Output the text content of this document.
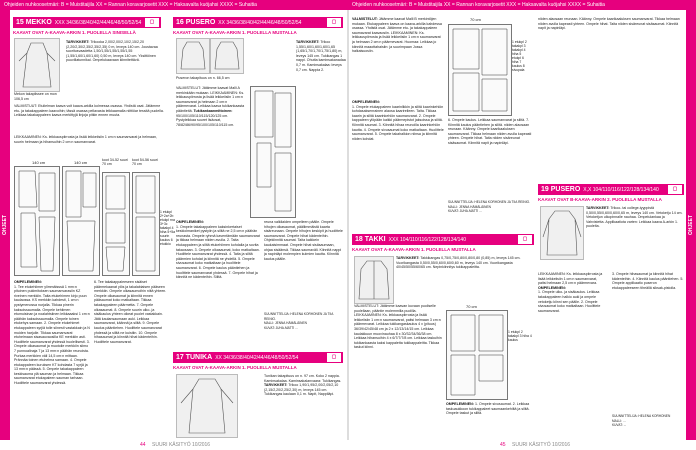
Ohjeiden nuhkoosetmäri: B = Muistitaijila XX = Rannan koravarjosetit XXX = Haksavalta kuöjahsi XXXX = Suhaitia	Ohjeiden nuhkoosetmäri: B = Muistitaijila XX = Rannan koravarjosetit XXX = Haksavalta kuöjahsi XXXX = Suhaitia
OHJEET	OHJEET
15 MEKKO XXX 34/36/38/40/42/44/46/48/50/52/54	▢
KAAVAT OVAT A-KAAVA-ARKIN 1. PUOLELLA SINISELLÄ
Mekon takaplissee on mon 106,5 cm
TARVIKKEET: Trikooka 2,00/2,00/2,10/2,15/2,20 (2,20/2,30/2,35/2,35/2,35) 0 m, leveys 140 cm. Joustavaa suoritusvaadetta 1,50/1,55/1,55/1,55/1,55 (1,55/1,60/1,60/1,60) 0,50 m, leveys 140 cm. Yksittöinen puuvillatunnikai. Ompelukaavaan kiinnitettävä.
VALMISTUUT: Etulielman kaava voit kaava-arkilla kolmessa osassa. Yhdistä osat. Jätämme etu- ja takakappaleen kaavoihin; tässä osassa pellavasta leikkaamalla niittiöar tessitä puolella. Leikkaa takakappaleen kaava merkittyjä linjoja pitkin ennen muuta.
LEIKKAAMINEN: Ks. leikkauspiirrosta ja lisää leikkeiisiin 1 cm:n saumanvarat ja helmaan, suurin helmaan ja hihansuihin 2 cm:n saumanvarat.
140 cm	140 cm	koot 34-52 suuri 70 cm
koot 54-56 suuri 70 cm
1 etukpl 2+2a+2b etukpl rna 3+3c takakpl 4 hiha 5+5a suurin kaulus 6 etukkio
OMPELEMINEN:
1. Tee etukehiimer ylimmäisssä 1 mm:n pituinen pukimitoksen saumanvarasiin KZ riveinen merkkiin. Taita etukehimen kirjo puun kaulaossa. KS merkkiin kahdesti, 1 cm:n pystymenossa nurjalla. Tikkaa pinerin kaksoissaumalla. Ompele kehiimen etumuisinan ja noalahtsiinen leikkaaaksi 1 cm:n päähän kaksoissaumalla. Ompele toinen etukehys samaan. 2. Ompele etukehimet etukappaleen syrjiä tolle siinesti vastakkain ja N muiden harjulle. Tikkaa saumanvarat etuhelmaan sisasauvaosilla KE merkkiin asti. Huolittele saumanvarat yhdessä huolellisesti. 3. Ompele olkasaumat ja muotoile merkkiin siimo 7 punnoalinaja 7 ja 13 mm:n päähän reunoista. Purkaa merkkien väli 14,5 cm:n mittaan. Prännäa toinen etuhelma samaan. 4. Ompele etukappaleen kuruksen KT kohdasta 7 syrjä ja 13 mm:n päässä. 5. Ompele takakappaleen keskisauma ylä sauman ja helmaan. Tikkaa saumanvarat etukapaleen sauman tarhaan. Huolittele saumanvarat yhdessä.
6. Tee takakappaleeseen sisäiset päärmekaanat ylös ja takalabiaisen pääseen merkkiin. Ompele olkasaumoihin niitä yhteen. Ompele olkasaumat ja kiinnitä ennen pääsaumat koko matkaltaan. Tikkaa takakappaleen päärmetta. 7. Ompele olkasaumat. 8. Ompele suurin ulko- ja sisäkaulus yhteen oikeat puolet vastakkain. Jätä kaulansaumaan auki. Leikkaa saumanvarat, käännä ja silitä. 9. Ompele kaulus pääntiehen. Huolittele saumanvarat yhdessä ja silitä ne kuistiin. 10. Ompele hihasaumat ja kiinnitä hihat kädenteihin. Huolittele saumanvarat.
16 PUSERO XX 34/36/38/40/42/44/46/48/50/52/54	▢
KAAVAT OVAT A-KAAVA-ARKIN 1. PUOLELLA MUSTALLA
Puseron takapituus on n. 66,5 cm
VALMISTELUT: Jätämme kaavat Malli A merkinkään mukaan. LEIKKAAMINEN: Ks. leikkauspiirrosta ja lisää leikkeiisiin 1 cm:n saumanvarat ja helmaan 2 cm:n päärmevarat. Leikkaa kaava tukikankaasta pääntieitä. Tukikankaanmittoinen: 95/100/105/110/115/120/125 cm. Pystyleikkaa suuret lisäosat, 78/82/86/90/95/100/105/110/115 cm.
TARVIKKEET: Trikoo 1,55/1,60/1,60/1,60/1,65 (1,65/1,70/1,70/1,75/1,80) m, leveys 145 cm. Tukikangas 1 nappi. Ohutta kaminsakanadaa 0,7 m. Kaminsakalaa: leveys 0,7 cm. Nappia 2.
OMPELEMINEN:
1. Ompele takakappaleen kaksinkertaiset keskiolmaniket pystyiin ja silitä ne 2,5 cm:n päähän reunasta. Ompele ryhmä kaventämään saumanvarat ja tikkaa helmaan niiden avulla. 2. Taita etukappaleen ja silitä etukehiimen kohdalla ja sovita takaosaan. 3. Ompele olkasaumat, koko matkaltaan. Huolittele saumanvarat yhdessä. 4. Taita ja silitä päärmien kohdat ja kiinnitä ne yhdellä. 5. Ompele sivusaumat koko matkaltaan ja huolittele saumanvarat. 6. Ompele kaulus pääntiehen ja huolittele saumanvarat yhdessä. 7. Ompele hihat ja kiinnitä ne kädenteihin. Silitä.
reuna valkilaiden ompelleen päälle. Ompele hihojen olkasaumat, päällimmäistä kaarta sisäreunaan. Ompele hihojen keskipit ja huolittele saumanvarat. Ompele hihat kädenteihin. Ohjekiinnitä saumat. Taita kaikkein kaukaisimmaat. Ompele hihat sisäsaumaan, ohjaa sisäänsä. Tikkaa saumaväli. Kiinnitä nappi ja napinläpi molempien kulmien kautta. Kiinnitä kaulus päälle.
SUUNNITTELIJA: HELENA KORHONEN JA TIIA REINIO.
MALLI: JENNA HÄMÄLÄINEN
KUVAT: JUHA-MATTI ...
17 TUNIKA XX 34/36/38/40/42/44/46/48/50/52/54	▢
KAAVAT OVAT A-KAAVA-ARKIN 1. PUOLELLA MUSTALLA
Tunikan takapituus on n. 97 cm. Koko 2 nappia. Kaminsakalaa. Kaminsakalanvaara: Tukikangas. TARVIKKEET: Trikoo 1,90/1,95/2,00/2,05/2,10 (2,15/2,20/2,25/2,30) m, leveys 145 cm. Tukikangas kaulaan 0,1 m. Napit, Nappiläpi.
VALMISTELUT: Jätämme kaavat Malli B merkintöjen mukaan. Etukappaleen kaava on kaava-arkilla kahdessa osassa. Yhdistä osat. Jätämme etu- ja takakappaleen saumavarat kaavaosiin. LEIKKAAMINEN: Ks. leikkauspiirrosta ja lisää leikkeiisiin 1 cm:n saumanvarat ja helmaan 2 cm:n päärmevarat. Huomaa: Leikkaa jo kiinnitä maaottahaisiin: ja suurimpaan Jossa halkaisuosiin.
70 cm
1 etukpl 2 takakpl 3 takakpl 4 hiha 5 etukpl 6 hiha 7 kaulus 8 sivupala
OMPELEMINEN:
1. Ompele etukappaleen kaarinlikkin ja silitä kaarinkehiön kohdasaksenrainen alaosa kaarirelleen. Taita. Tikkaa kaarin ja silitä kaarinkehiön saumanvarat. 2. Ompele kappaleen ylöpään kaikki päärmepistot jaksoissa ja silitä. Kiinnitä saumat. 3. Kiinnitä hihaa reunoilla kaarinkehiön kautta. 4. Ompele sivusaumat koko matkaltaan. Huolittele saumanvarat. 5. Ompele takahalkion niinsa ja kiinnitä niiden kohdat.
6. Ompele kaulus. Leikkaa saumanvarat ja silitä. 7. Kiinnitä kaulus pääntiehen ja silitä. niiden alaosaan reunaan. Käänny. Ompele kaarikaaluksen saumanvarat. Tikkaa helmaan niiden avulla kapeasti yhteen. Ompele hihat. Taita niiden sisäreunat sisäsaumat. Kiinnitä napit ja napinläpi.
SUUNNITTELIJA: HELENA KORHONEN JA TIIA REINIO.
MALLI: JENNA HÄMÄLÄINEN
KUVAT: JUHA-MATTI ...
18 TAKKI XXX 104/110/116/122/128/134/140	▢
KAAVAT OVAT A-KAAVA-ARKIN 1. PUOLELLA MUSTALLA
TARVIKKEET: Takkikangas 0,75/0,75/0,80/0,80/0,80 (0,85) m, leveys 145 cm. Vuorikangasta 0,50/0,55/0,60/0,60/0,60 m, leveys 140 cm. Vuorikangasta 40/45/50/55/60/65 cm. Nepinkiinnitys tukikappaleitta.
VALMISTELUT: Jätämme kaavan kuvaan puoliselle puolellaan, pääntie molemmilla puolilla. LEIKKAAMINEN: Ks. leikkauspiirrosta ja lisää leikkeiisiin 1 cm:n saumanvarat, paitsi helmaan 3 cm:n päärmevarat. Leikkaa tukikangaskaulus 4 x (pituus) 36/39/42/45/48 cm ja 2 x 12/13/14/15 cm. Leikkaa kaulakkuun muovinauhaa 8 x 30/32/34/36/38 cm. Leikkaa hihansuihin 4 x 6/7/7/7/8 cm. Leikkaa taskuihin tukikankaasta kaksi kappaletta tukikappaleitta. Tikkaa taskut kiinni.
70 cm
1 etukpl 2 takakpl 3 hiha 4 kaulus
OMPELEMINEN: 1. Ompele sivusaumat. 2. Leikkaa taskuaukkoon tukikappaleet saumaankehiltä ja silitä. Ompele taskut ja silitä.
19 PUSERO X,X 104/110/116/122/128/134/140	▢
KAAVAT OVAT B-KAAVA-ARKIN 2. PUOLELLA MUSTALLA
TARVIKKEET: Trikoo- tai college-tyyppistä 0,50/0,55/0,60/0,60/0,65 m, leveys 140 cm. Vetoketju 14 cm. Vetoketjun ulkopinnalle nauhaa. Ompelulankaa ja Vahvistetta. Applikaatiota varten: Leikkaa kaava A-arkin 1. puolelta.
LEIKKAAMINEN: Ks. leikkauspiirrosta ja lisää leikkeiisiin 1 cm:n saumanvarat, paitsi helmaan 2,5 cm:n päärmevara.
OMPELEMINEN:
1. Ompele ulko- ja sisäkaulus. Leikkaa takakappaleen halkio auki ja ompele vetoketju kiinni sen päälle. 2. Ompele sivusaumat koko matkaltaan. Huolittele saumanvarat.
3. Ompele hihasaumat ja kiinnitä hihat kädenteihin. 4. Kiinnitä kaulus pääntiehen. 5. Ompele applikaatio puseron etukappaleeseen tiheällä siksak-pistolla.
SUUNNITTELIJA: HELENA KORHONEN
MALLI: ...
KUVAT: ...
niiden alaosaan reunaan. Käänny. Ompele kaarikaaluksen saumanvarat. Tikkaa helmaan niiden avulla kapeasti yhteen. Ompele hihat. Taita niiden sisäreunat sisäsaumat. Kiinnitä napit ja napinläpi.
44 SUURI KÄSITYÖ 10/2016	45 SUURI KÄSITYÖ 10/2016
